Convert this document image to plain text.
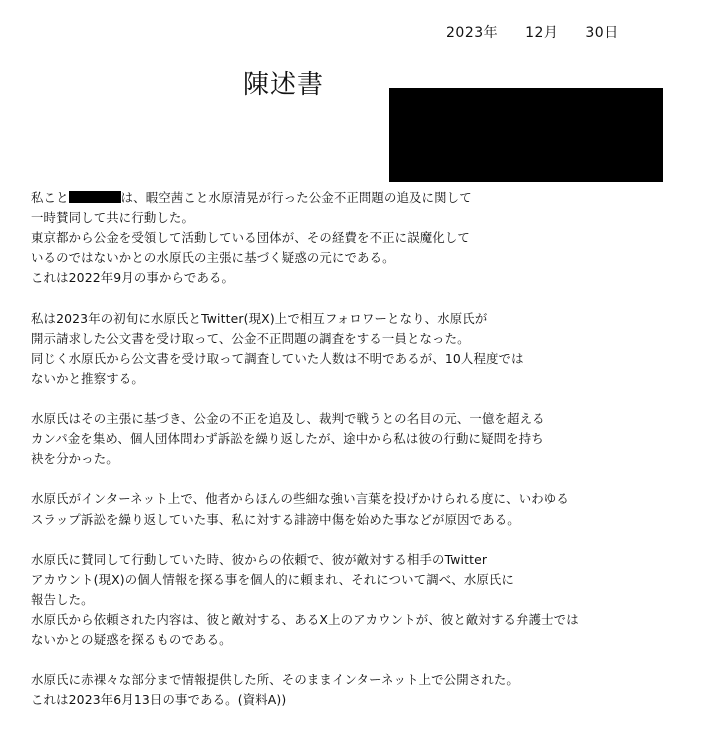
2023年 12月 30日
陳述書
私こと	は、暇空茜こと水原清晃が行った公金不正問題の追及に関して
一時賛同して共に行動した。
東京都から公金を受領して活動している団体が、その経費を不正に誤魔化して
いるのではないかとの水原氏の主張に基づく疑惑の元にである。
これは2022年9月の事からである。
私は2023年の初旬に水原氏とTwitter(現X)上で相互フォロワーとなり、水原氏が
開示請求した公文書を受け取って、公金不正問題の調査をする一員となった。
同じく水原氏から公文書を受け取って調査していた人数は不明であるが、10人程度では
ないかと推察する。
水原氏はその主張に基づき、公金の不正を追及し、裁判で戦うとの名目の元、一億を超える
カンパ金を集め、個人団体問わず訴訟を繰り返したが、途中から私は彼の行動に疑問を持ち
袂を分かった。
水原氏がインターネット上で、他者からほんの些細な強い言葉を投げかけられる度に、いわゆる
スラップ訴訟を繰り返していた事、私に対する誹謗中傷を始めた事などが原因である。
水原氏に賛同して行動していた時、彼からの依頼で、彼が敵対する相手のTwitter
アカウント(現X)の個人情報を探る事を個人的に頼まれ、それについて調べ、水原氏に
報告した。
水原氏から依頼された内容は、彼と敵対する、あるX上のアカウントが、彼と敵対する弁護士では
ないかとの疑惑を探るものである。
水原氏に赤裸々な部分まで情報提供した所、そのままインターネット上で公開された。
これは2023年6月13日の事である。(資料A))
